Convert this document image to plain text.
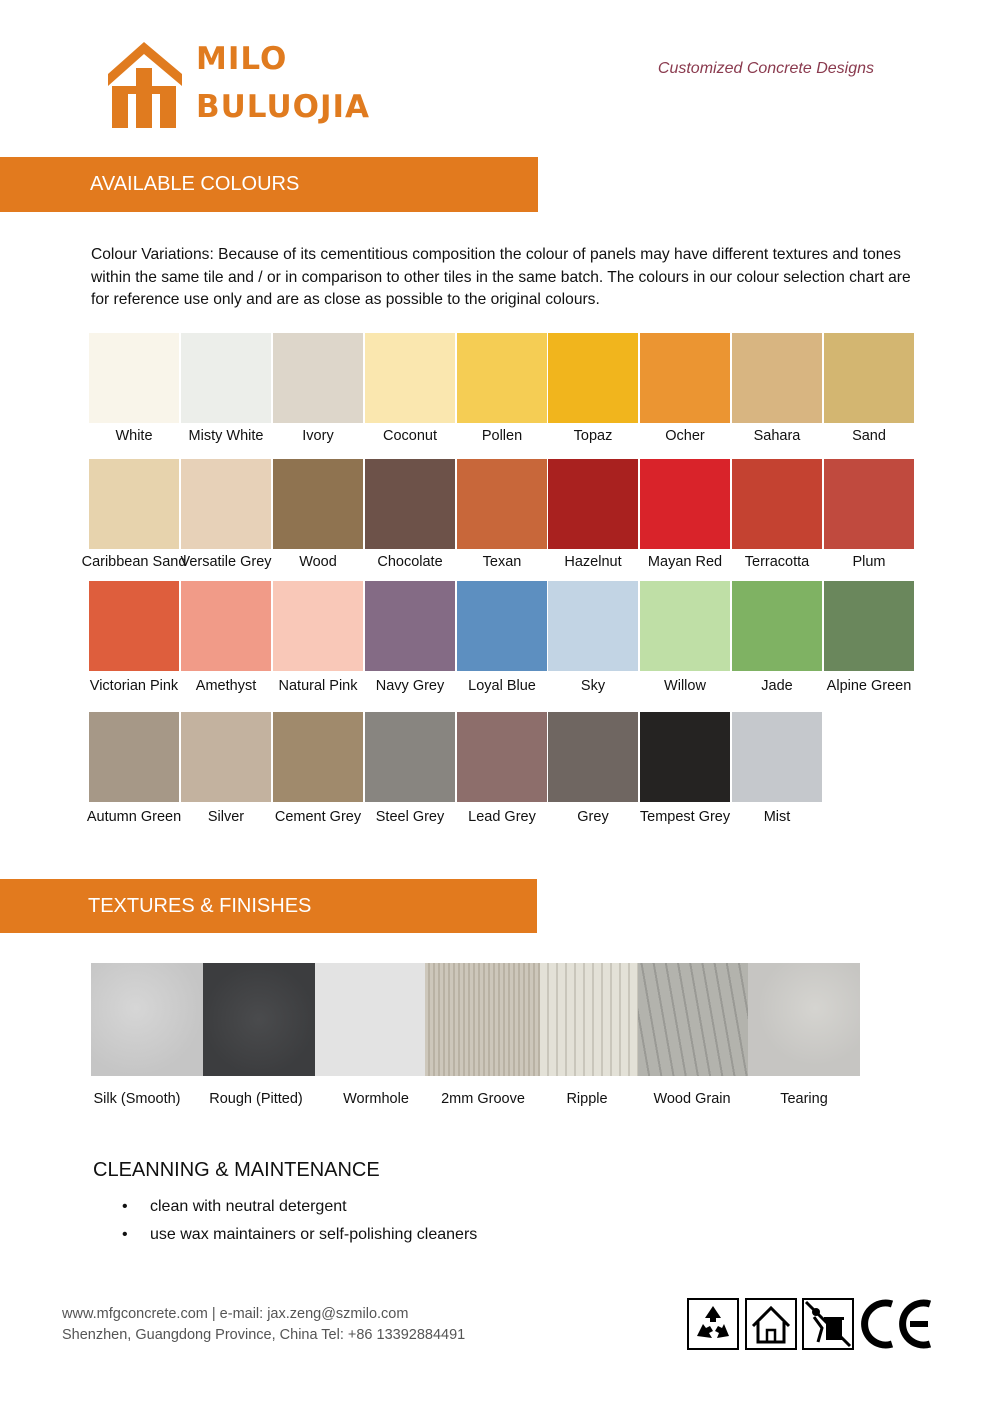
MILO
BULUOJIA
Customized Concrete Designs
AVAILABLE COLOURS
Colour Variations: Because of its cementitious composition the colour of panels may have different textures and tones within the same tile and / or in comparison to other tiles in the same batch. The colours in our colour selection chart are for reference use only and are as close as possible to the original colours.
White	Misty White	Ivory	Coconut	Pollen	Topaz	Ocher	Sahara	Sand
Caribbean Sand
Versatile Grey	Wood	Chocolate	Texan	Hazelnut	Mayan Red	Terracotta	Plum
Victorian Pink	Amethyst	Natural Pink	Navy Grey	Loyal Blue	Sky	Willow	Jade	Alpine Green
Autumn Green	Silver	Cement Grey	Steel Grey	Lead Grey	Grey	Tempest Grey	Mist
TEXTURES & FINISHES
Silk (Smooth)	Rough (Pitted)	Wormhole	2mm Groove	Ripple	Wood Grain	Tearing
CLEANNING & MAINTENANCE
• clean with neutral detergent
• use wax maintainers or self-polishing cleaners
www.mfgconcrete.com | e-mail: jax.zeng@szmilo.com
Shenzhen, Guangdong Province, China Tel: +86 13392884491
